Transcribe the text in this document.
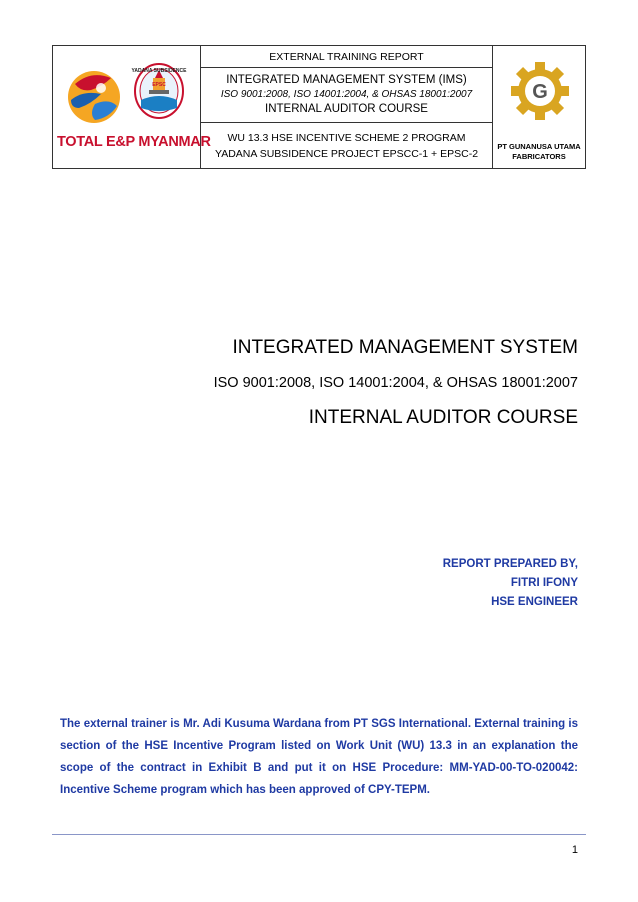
YADANA SUBSIDENCE
EPSC
TOTAL E&P MYANMAR
EXTERNAL TRAINING REPORT
INTEGRATED MANAGEMENT SYSTEM (IMS)
ISO 9001:2008, ISO 14001:2004, & OHSAS 18001:2007
INTERNAL AUDITOR COURSE
WU 13.3 HSE INCENTIVE SCHEME 2 PROGRAM
YADANA SUBSIDENCE PROJECT EPSCC-1 + EPSC-2
G
PT GUNANUSA UTAMA
FABRICATORS
INTEGRATED MANAGEMENT SYSTEM
ISO 9001:2008, ISO 14001:2004, & OHSAS 18001:2007
INTERNAL AUDITOR COURSE
REPORT PREPARED BY,
FITRI IFONY
HSE ENGINEER
The external trainer is Mr. Adi Kusuma Wardana from PT SGS International. External training is section of the HSE Incentive Program listed on Work Unit (WU) 13.3 in an explanation the scope of the contract in Exhibit B and put it on HSE Procedure: MM-YAD-00-TO-020042: Incentive Scheme program which has been approved of CPY-TEPM.
1
